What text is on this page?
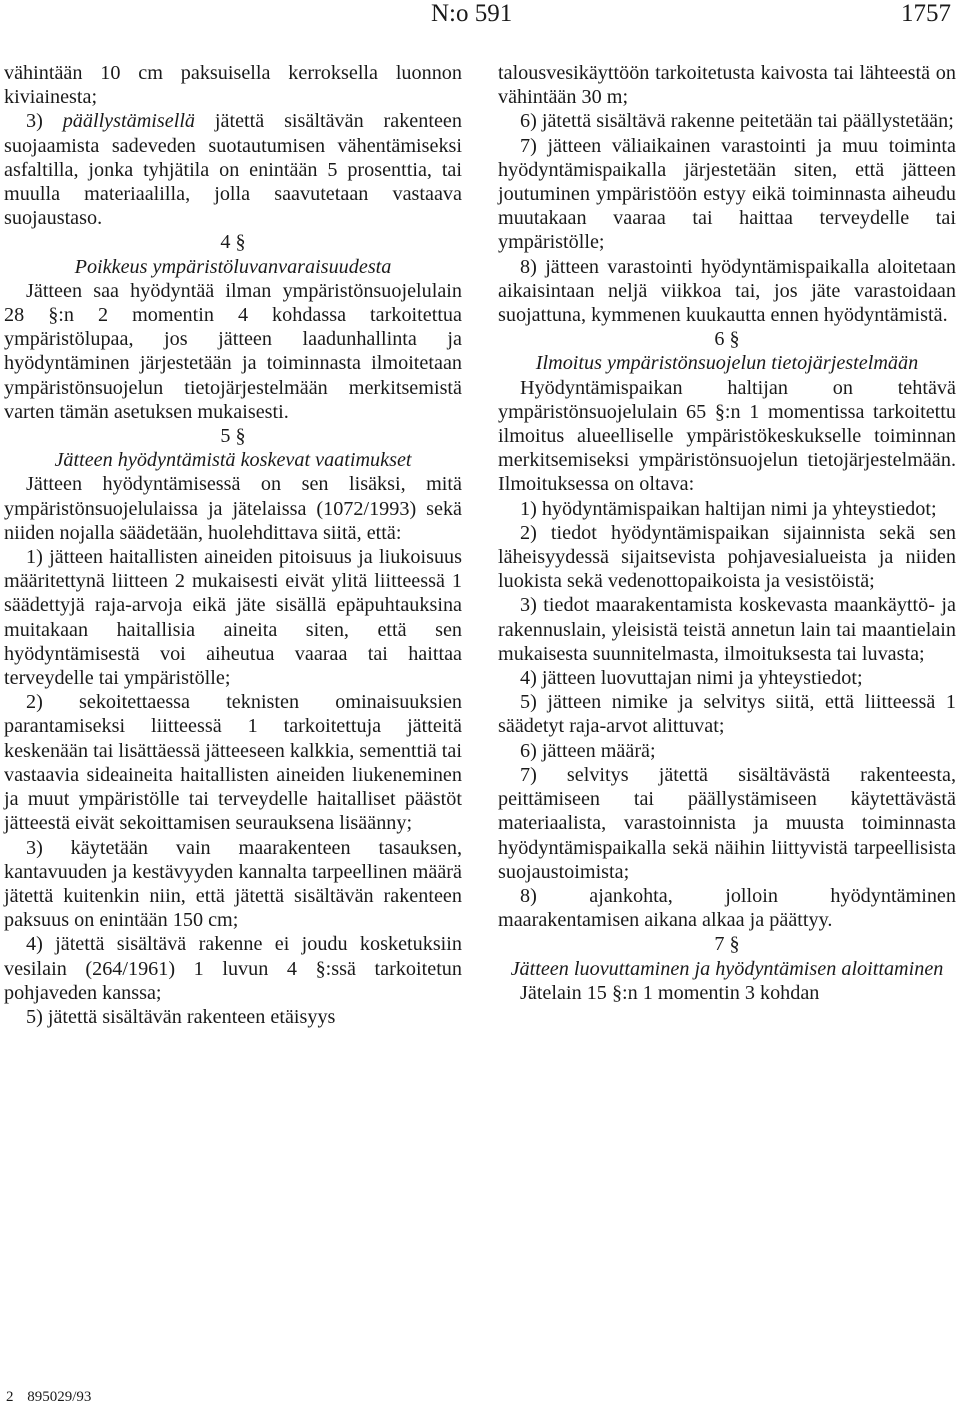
N:o 591	1757

vähintään 10 cm paksuisella kerroksella luonnon kiviainesta;

3) päällystämisellä jätettä sisältävän rakenteen suojaamista sadeveden suotautumisen vähentämiseksi asfaltilla, jonka tyhjätila on enintään 5 prosenttia, tai muulla materiaalilla, jolla saavutetaan vastaava suojaustaso.

4 §

Poikkeus ympäristöluvanvaraisuudesta

Jätteen saa hyödyntää ilman ympäristönsuojelulain 28 §:n 2 momentin 4 kohdassa tarkoitettua ympäristölupaa, jos jätteen laadunhallinta ja hyödyntäminen järjestetään ja toiminnasta ilmoitetaan ympäristönsuojelun tietojärjestelmään merkitsemistä varten tämän asetuksen mukaisesti.

5 §

Jätteen hyödyntämistä koskevat vaatimukset

Jätteen hyödyntämisessä on sen lisäksi, mitä ympäristönsuojelulaissa ja jätelaissa (1072/1993) sekä niiden nojalla säädetään, huolehdittava siitä, että:

1) jätteen haitallisten aineiden pitoisuus ja liukoisuus määritettynä liitteen 2 mukaisesti eivät ylitä liitteessä 1 säädettyjä raja-arvoja eikä jäte sisällä epäpuhtauksina muitakaan haitallisia aineita siten, että sen hyödyntämisestä voi aiheutua vaaraa tai haittaa terveydelle tai ympäristölle;

2) sekoitettaessa teknisten ominaisuuksien parantamiseksi liitteessä 1 tarkoitettuja jätteitä keskenään tai lisättäessä jätteeseen kalkkia, sementtiä tai vastaavia sideaineita haitallisten aineiden liukeneminen ja muut ympäristölle tai terveydelle haitalliset päästöt jätteestä eivät sekoittamisen seurauksena lisäänny;

3) käytetään vain maarakenteen tasauksen, kantavuuden ja kestävyyden kannalta tarpeellinen määrä jätettä kuitenkin niin, että jätettä sisältävän rakenteen paksuus on enintään 150 cm;

4) jätettä sisältävä rakenne ei joudu kosketuksiin vesilain (264/1961) 1 luvun 4 §:ssä tarkoitetun pohjaveden kanssa;

5) jätettä sisältävän rakenteen etäisyys

talousvesikäyttöön tarkoitetusta kaivosta tai lähteestä on vähintään 30 m;

6) jätettä sisältävä rakenne peitetään tai päällystetään;

7) jätteen väliaikainen varastointi ja muu toiminta hyödyntämispaikalla järjestetään siten, että jätteen joutuminen ympäristöön estyy eikä toiminnasta aiheudu muutakaan vaaraa tai haittaa terveydelle tai ympäristölle;

8) jätteen varastointi hyödyntämispaikalla aloitetaan aikaisintaan neljä viikkoa tai, jos jäte varastoidaan suojattuna, kymmenen kuukautta ennen hyödyntämistä.

6 §

Ilmoitus ympäristönsuojelun tietojärjestelmään

Hyödyntämispaikan haltijan on tehtävä ympäristönsuojelulain 65 §:n 1 momentissa tarkoitettu ilmoitus alueelliselle ympäristökeskukselle toiminnan merkitsemiseksi ympäristönsuojelun tietojärjestelmään. Ilmoituksessa on oltava:

1) hyödyntämispaikan haltijan nimi ja yhteystiedot;

2) tiedot hyödyntämispaikan sijainnista sekä sen läheisyydessä sijaitsevista pohjavesialueista ja niiden luokista sekä vedenottopaikoista ja vesistöistä;

3) tiedot maarakentamista koskevasta maankäyttö- ja rakennuslain, yleisistä teistä annetun lain tai maantielain mukaisesta suunnitelmasta, ilmoituksesta tai luvasta;

4) jätteen luovuttajan nimi ja yhteystiedot;

5) jätteen nimike ja selvitys siitä, että liitteessä 1 säädetyt raja-arvot alittuvat;

6) jätteen määrä;

7) selvitys jätettä sisältävästä rakenteesta, peittämiseen tai päällystämiseen käytettävästä materiaalista, varastoinnista ja muusta toiminnasta hyödyntämispaikalla sekä näihin liittyvistä tarpeellisista suojaustoimista;

8) ajankohta, jolloin hyödyntäminen maarakentamisen aikana alkaa ja päättyy.

7 §

Jätteen luovuttaminen ja hyödyntämisen aloittaminen

Jätelain 15 §:n 1 momentin 3 kohdan

2 895029/93
